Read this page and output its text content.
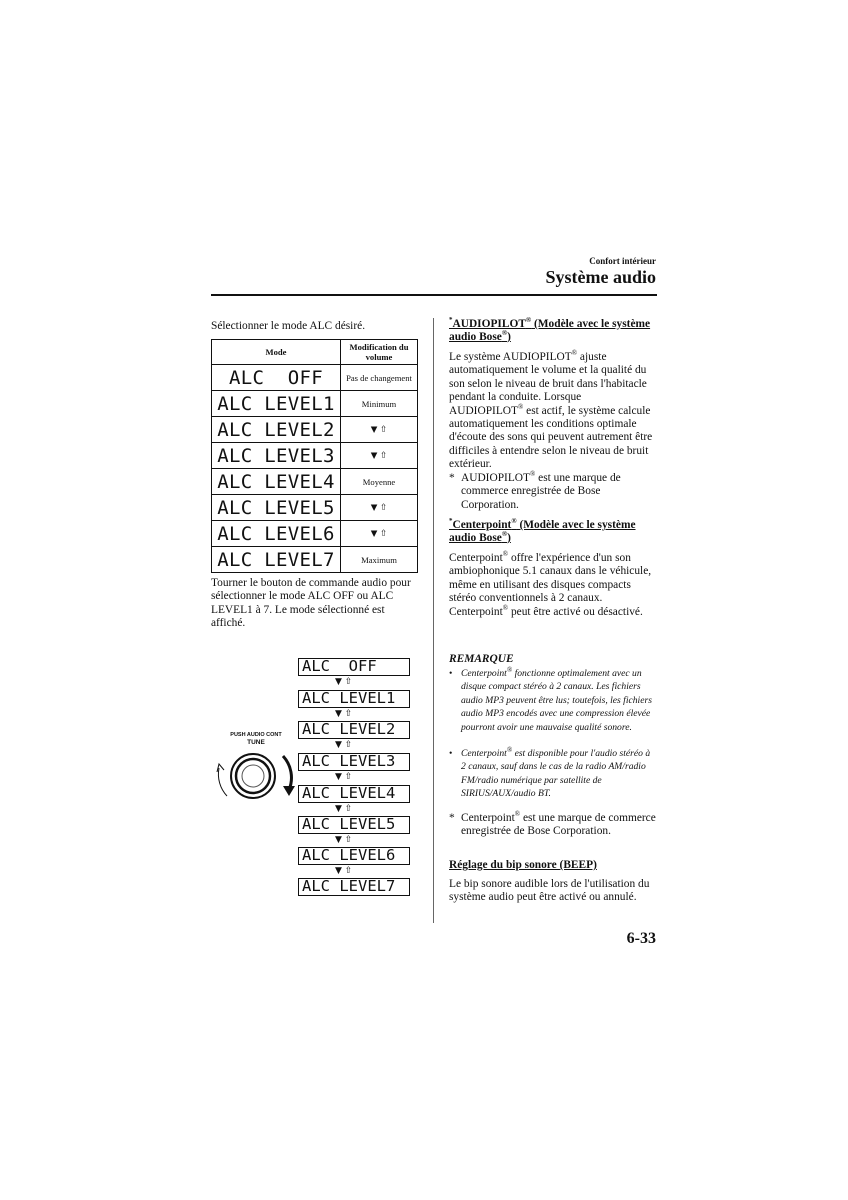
Confort intérieur
Système audio
Sélectionner le mode ALC désiré.
Mode	Modification du volume
ALC  OFF	Pas de changement
ALC LEVEL1	Minimum
ALC LEVEL2	▼ ⇧
ALC LEVEL3	▼ ⇧
ALC LEVEL4	Moyenne
ALC LEVEL5	▼ ⇧
ALC LEVEL6	▼ ⇧
ALC LEVEL7	Maximum
Tourner le bouton de commande audio pour sélectionner le mode ALC OFF ou ALC LEVEL1 à 7. Le mode sélectionné est affiché.
PUSH AUDIO CONT
TUNE
ALC  OFF
▼ ⇧
ALC LEVEL1
▼ ⇧
ALC LEVEL2
▼ ⇧
ALC LEVEL3
▼ ⇧
ALC LEVEL4
▼ ⇧
ALC LEVEL5
▼ ⇧
ALC LEVEL6
▼ ⇧
ALC LEVEL7
*AUDIOPILOT® (Modèle avec le système audio Bose®)
Le système AUDIOPILOT® ajuste automatiquement le volume et la qualité du son selon le niveau de bruit dans l'habitacle pendant la conduite. Lorsque AUDIOPILOT® est actif, le système calcule automatiquement les conditions optimale d'écoute des sons qui peuvent autrement être difficiles à entendre selon le niveau de bruit extérieur.
* AUDIOPILOT® est une marque de commerce enregistrée de Bose Corporation.
*Centerpoint® (Modèle avec le système audio Bose®)
Centerpoint® offre l'expérience d'un son ambiophonique 5.1 canaux dans le véhicule, même en utilisant des disques compacts stéréo conventionnels à 2 canaux.
Centerpoint® peut être activé ou désactivé.
REMARQUE
• Centerpoint® fonctionne optimalement avec un disque compact stéréo à 2 canaux. Les fichiers audio MP3 peuvent être lus; toutefois, les fichiers audio MP3 encodés avec une compression élevée pourront avoir une mauvaise qualité sonore.
• Centerpoint® est disponible pour l'audio stéréo à 2 canaux, sauf dans le cas de la radio AM/radio FM/radio numérique par satellite de SIRIUS/AUX/audio BT.
* Centerpoint® est une marque de commerce enregistrée de Bose Corporation.
Réglage du bip sonore (BEEP)
Le bip sonore audible lors de l'utilisation du système audio peut être activé ou annulé.
6-33
